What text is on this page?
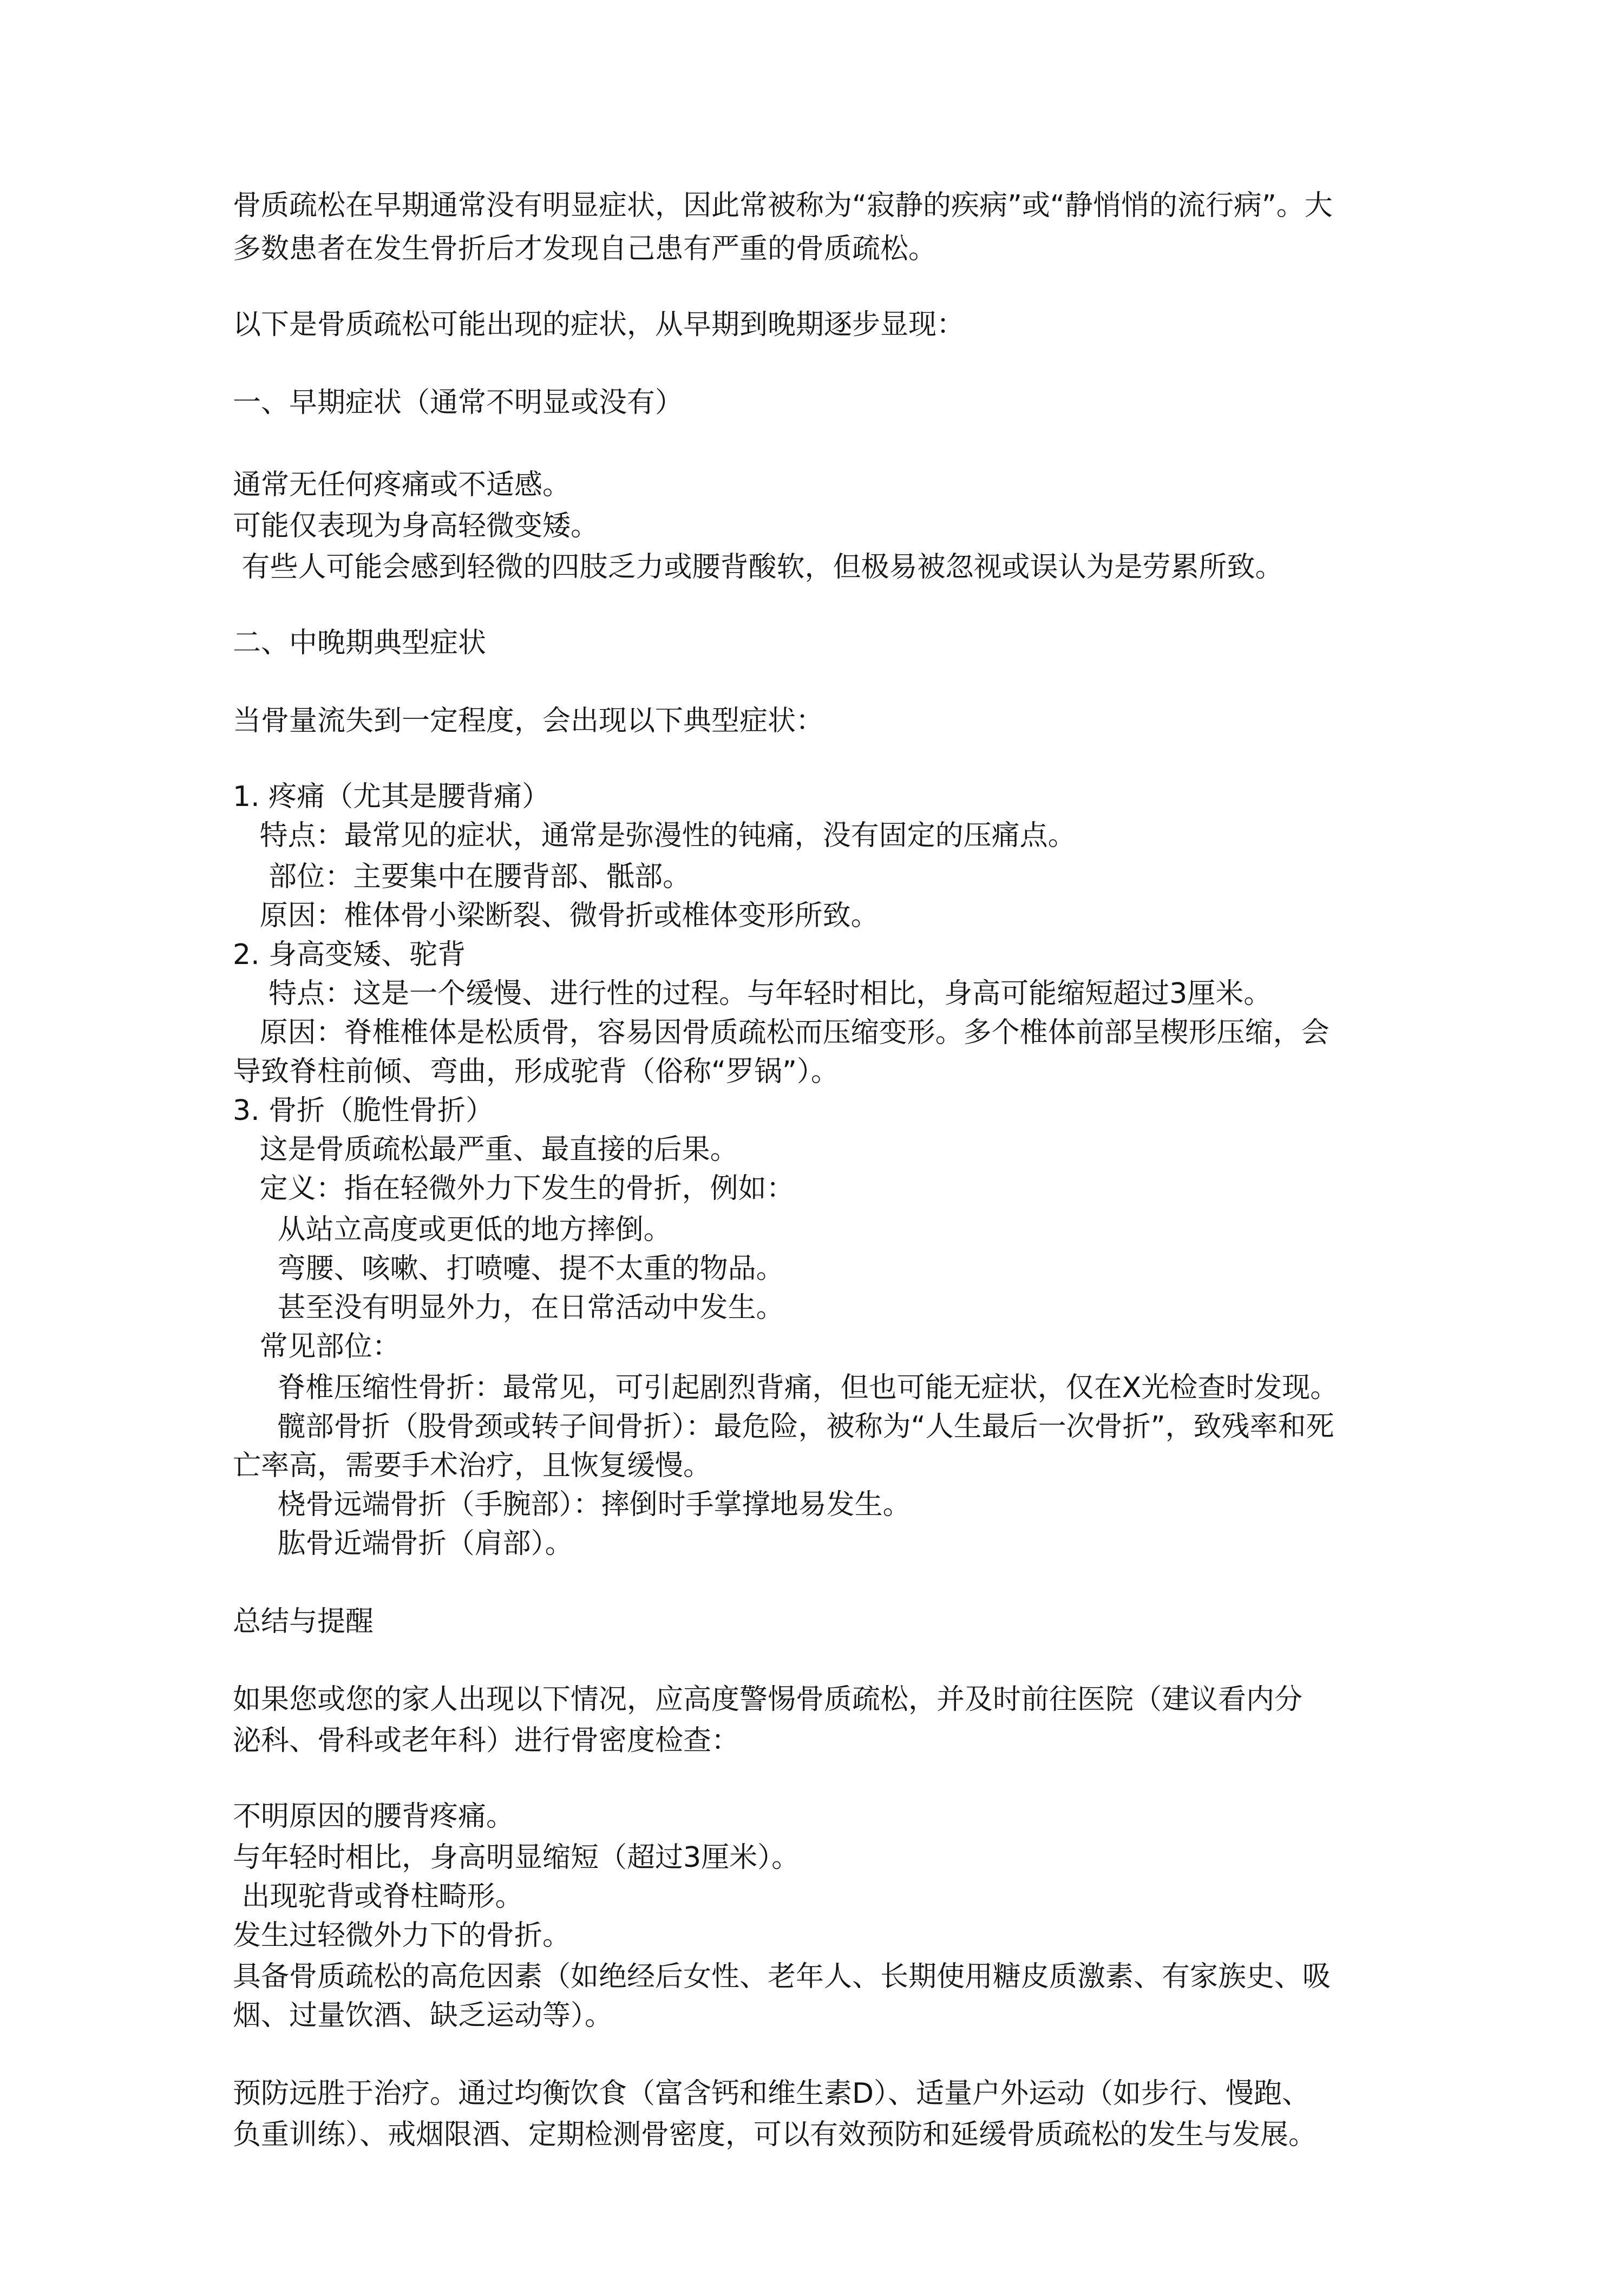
骨质疏松在早期通常没有明显症状，因此常被称为“寂静的疾病”或“静悄悄的流行病”。大

多数患者在发生骨折后才发现自己患有严重的骨质疏松。

以下是骨质疏松可能出现的症状，从早期到晚期逐步显现：

一、早期症状（通常不明显或没有）

通常无任何疼痛或不适感。

可能仅表现为身高轻微变矮。

有些人可能会感到轻微的四肢乏力或腰背酸软，但极易被忽视或误认为是劳累所致。

二、中晚期典型症状

当骨量流失到一定程度，会出现以下典型症状：

1. 疼痛（尤其是腰背痛）

特点：最常见的症状，通常是弥漫性的钝痛，没有固定的压痛点。

部位：主要集中在腰背部、骶部。

原因：椎体骨小梁断裂、微骨折或椎体变形所致。

2. 身高变矮、驼背

特点：这是一个缓慢、进行性的过程。与年轻时相比，身高可能缩短超过3厘米。

原因：脊椎椎体是松质骨，容易因骨质疏松而压缩变形。多个椎体前部呈楔形压缩，会

导致脊柱前倾、弯曲，形成驼背（俗称“罗锅”）。

3. 骨折（脆性骨折）

这是骨质疏松最严重、最直接的后果。

定义：指在轻微外力下发生的骨折，例如：

从站立高度或更低的地方摔倒。

弯腰、咳嗽、打喷嚏、提不太重的物品。

甚至没有明显外力，在日常活动中发生。

常见部位：

脊椎压缩性骨折：最常见，可引起剧烈背痛，但也可能无症状，仅在X光检查时发现。

髋部骨折（股骨颈或转子间骨折）：最危险，被称为“人生最后一次骨折”，致残率和死

亡率高，需要手术治疗，且恢复缓慢。

桡骨远端骨折（手腕部）：摔倒时手掌撑地易发生。

肱骨近端骨折（肩部）。

总结与提醒

如果您或您的家人出现以下情况，应高度警惕骨质疏松，并及时前往医院（建议看内分

泌科、骨科或老年科）进行骨密度检查：

不明原因的腰背疼痛。

与年轻时相比，身高明显缩短（超过3厘米）。

出现驼背或脊柱畸形。

发生过轻微外力下的骨折。

具备骨质疏松的高危因素（如绝经后女性、老年人、长期使用糖皮质激素、有家族史、吸

烟、过量饮酒、缺乏运动等）。

预防远胜于治疗。通过均衡饮食（富含钙和维生素D）、适量户外运动（如步行、慢跑、

负重训练）、戒烟限酒、定期检测骨密度，可以有效预防和延缓骨质疏松的发生与发展。
